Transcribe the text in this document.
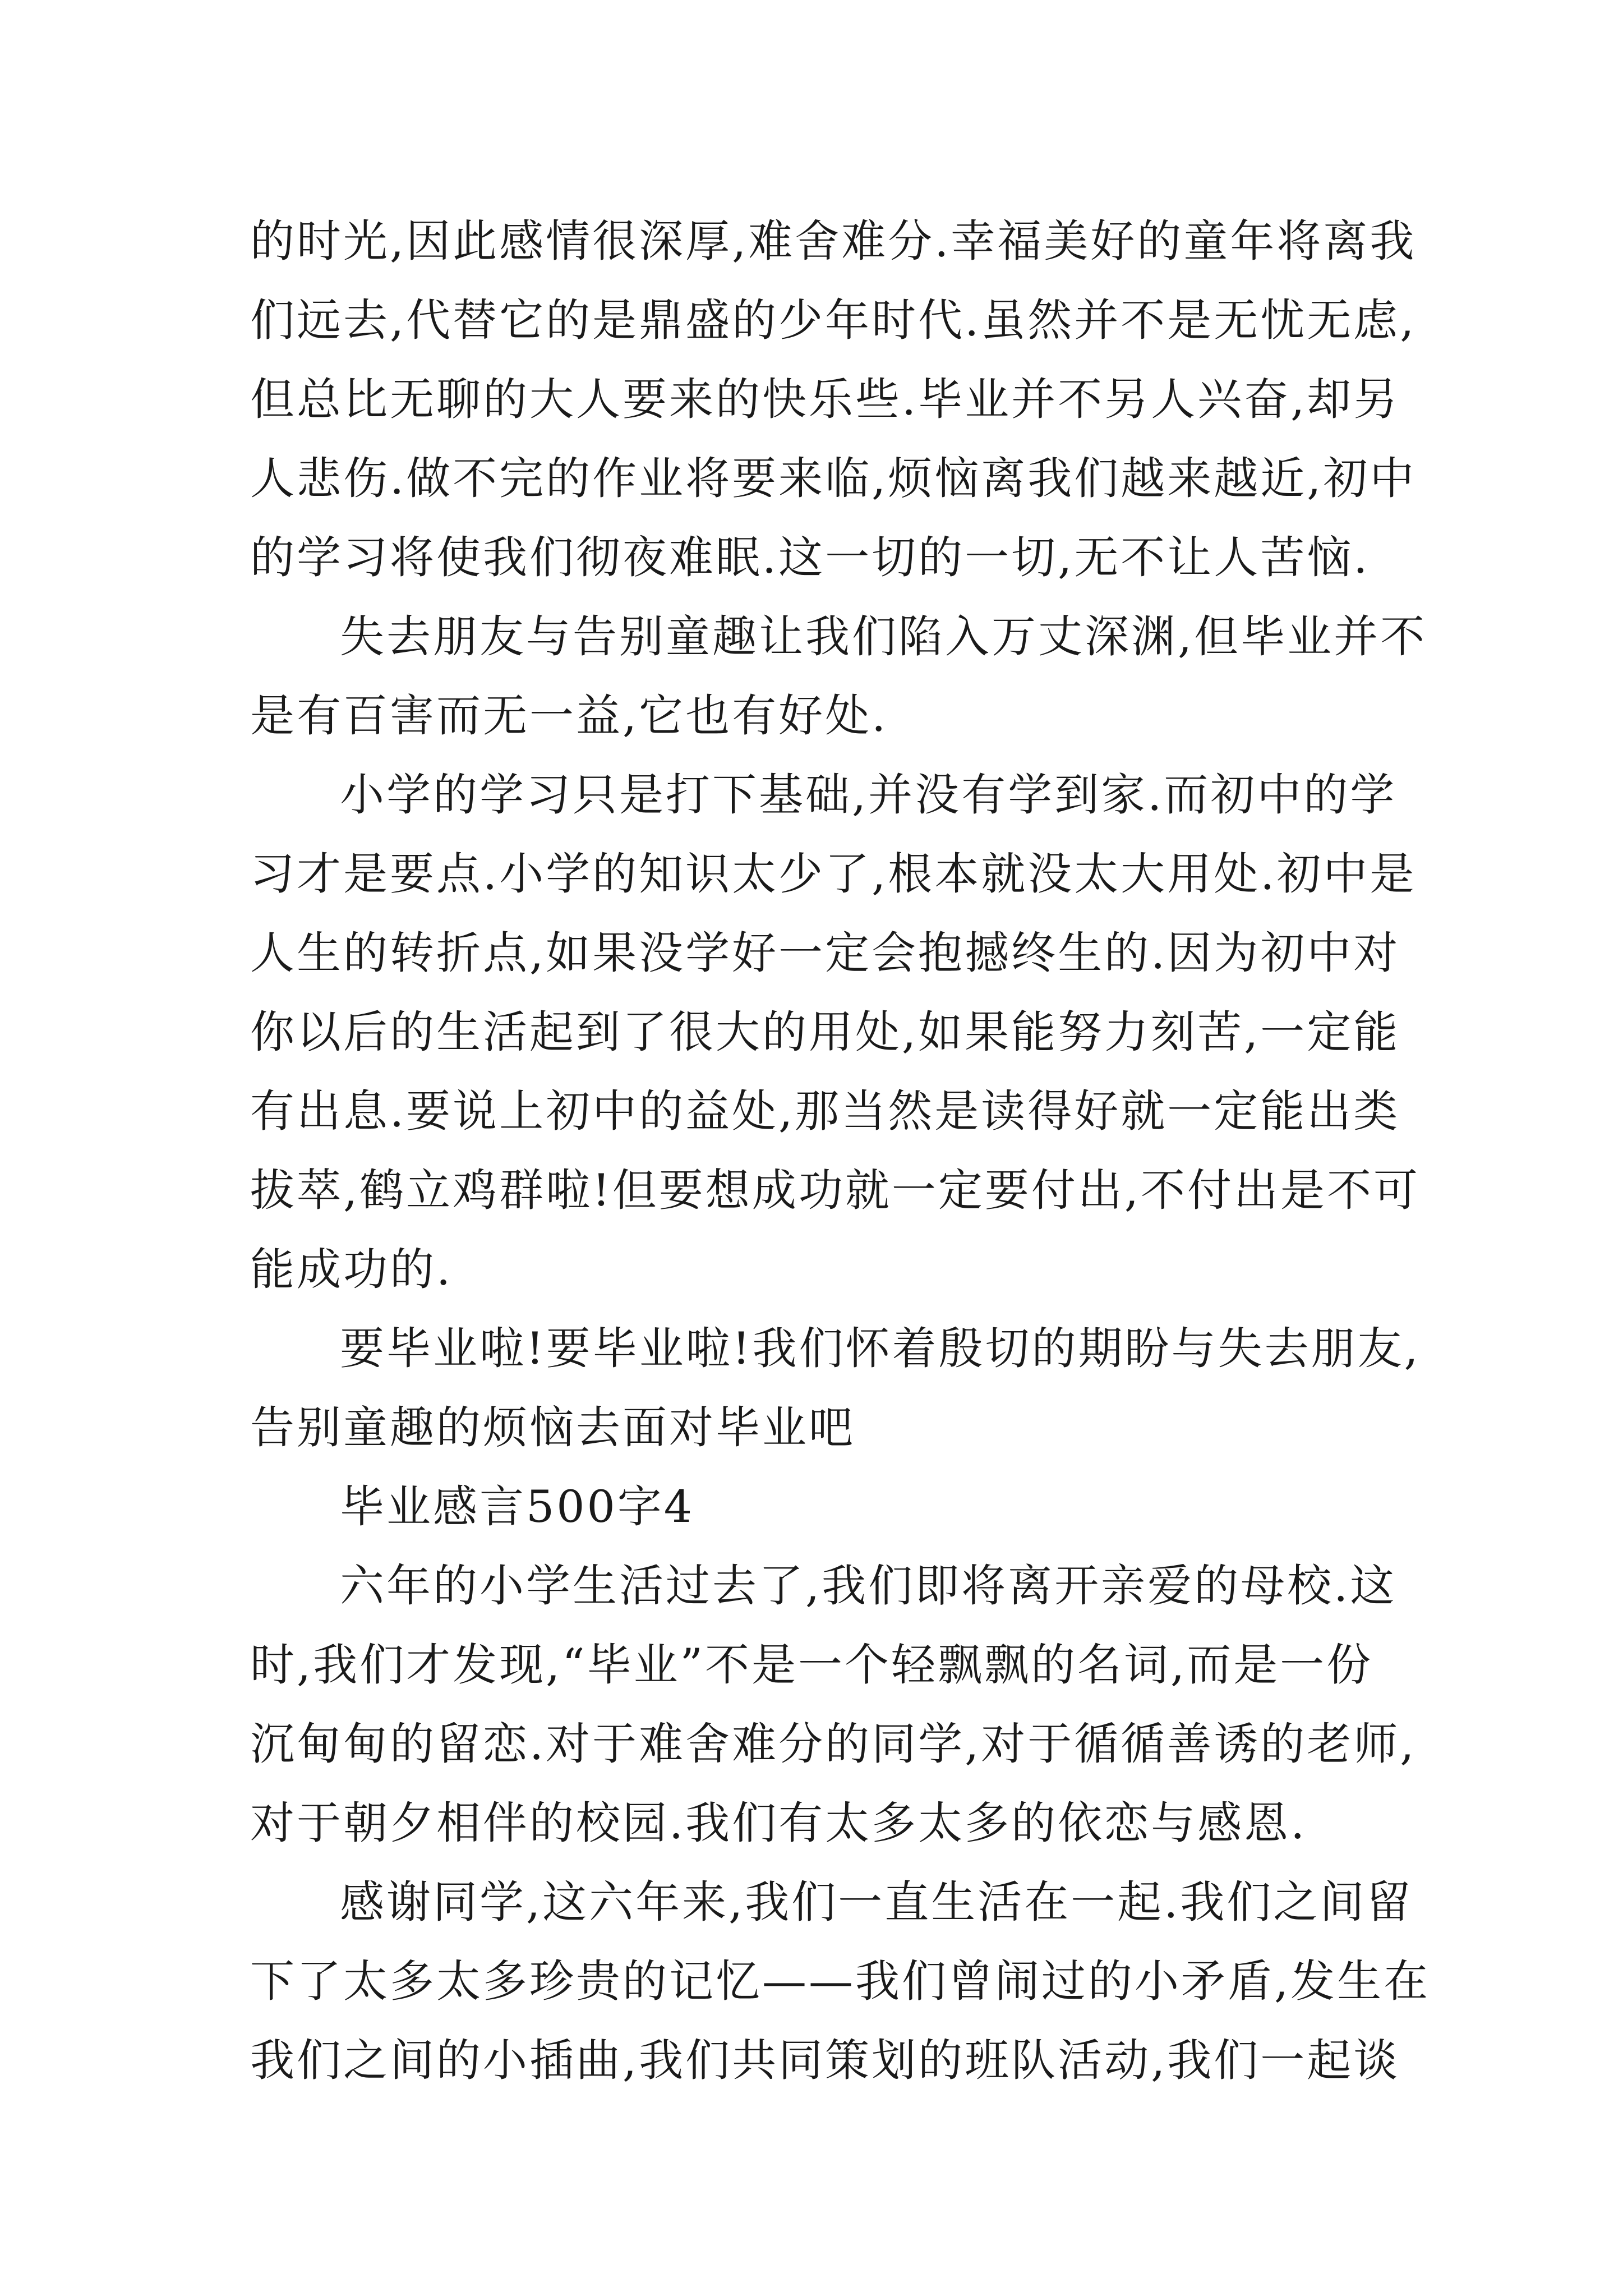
的时光,因此感情很深厚,难舍难分.幸福美好的童年将离我
们远去,代替它的是鼎盛的少年时代.虽然并不是无忧无虑,
但总比无聊的大人要来的快乐些.毕业并不另人兴奋,却另
人悲伤.做不完的作业将要来临,烦恼离我们越来越近,初中
的学习将使我们彻夜难眠.这一切的一切,无不让人苦恼.
失去朋友与告别童趣让我们陷入万丈深渊,但毕业并不
是有百害而无一益,它也有好处.
小学的学习只是打下基础,并没有学到家.而初中的学
习才是要点.小学的知识太少了,根本就没太大用处.初中是
人生的转折点,如果没学好一定会抱撼终生的.因为初中对
你以后的生活起到了很大的用处,如果能努力刻苦,一定能
有出息.要说上初中的益处,那当然是读得好就一定能出类
拔萃,鹤立鸡群啦!但要想成功就一定要付出,不付出是不可
能成功的.
要毕业啦!要毕业啦!我们怀着殷切的期盼与失去朋友,
告别童趣的烦恼去面对毕业吧
毕业感言500字4
六年的小学生活过去了,我们即将离开亲爱的母校.这
时,我们才发现,“毕业”不是一个轻飘飘的名词,而是一份
沉甸甸的留恋.对于难舍难分的同学,对于循循善诱的老师,
对于朝夕相伴的校园.我们有太多太多的依恋与感恩.
感谢同学,这六年来,我们一直生活在一起.我们之间留
下了太多太多珍贵的记忆——我们曾闹过的小矛盾,发生在
我们之间的小插曲,我们共同策划的班队活动,我们一起谈
